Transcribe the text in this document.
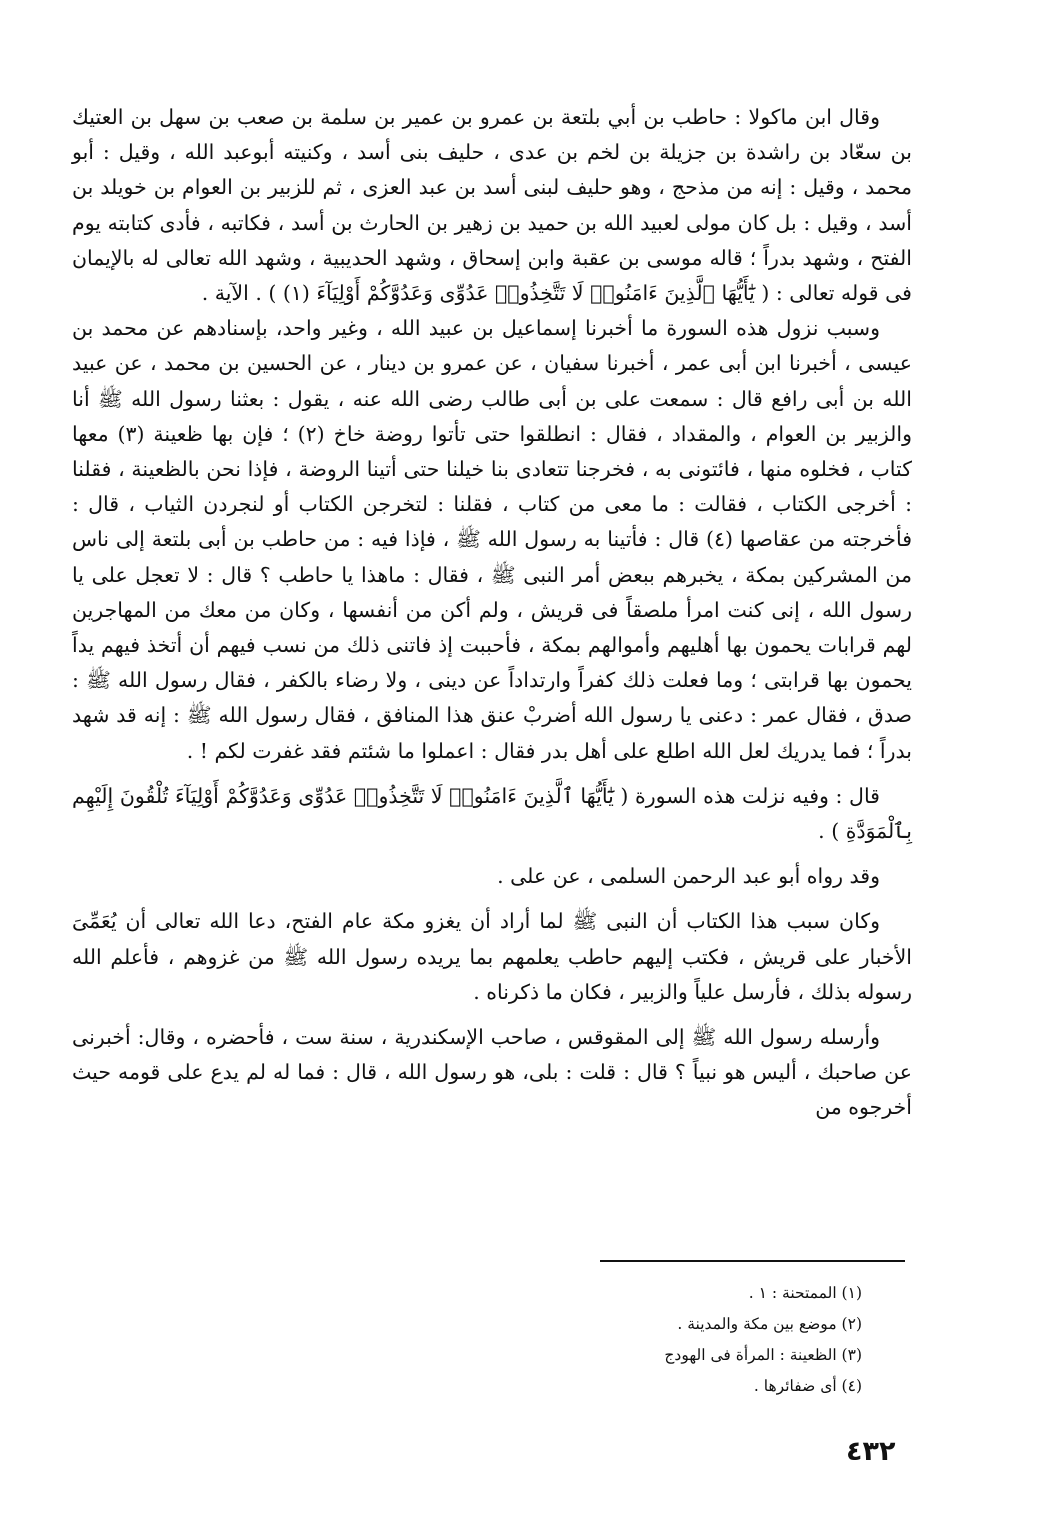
وقال ابن ماكولا : حاطب بن أبي بلتعة بن عمرو بن عمير بن سلمة بن صعب بن سهل بن العتيك بن سعّاد بن راشدة بن جزيلة بن لخم بن عدى ، حليف بنى أسد ، وكنيته أبوعبد الله ، وقيل : أبو محمد ، وقيل : إنه من مذحج ، وهو حليف لبنى أسد بن عبد العزى ، ثم للزبير بن العوام بن خويلد بن أسد ، وقيل : بل كان مولى لعبيد الله بن حميد بن زهير بن الحارث بن أسد ، فكاتبه ، فأدى كتابته يوم الفتح ، وشهد بدراً ؛ قاله موسى بن عقبة وابن إسحاق ، وشهد الحديبية ، وشهد الله تعالى له بالإيمان فى قوله تعالى : ( يَٰٓأَيُّهَا ٱلَّذِينَ ءَامَنُوا۟ لَا تَتَّخِذُوا۟ عَدُوِّى وَعَدُوَّكُمْ أَوْلِيَآءَ (١) ) . الآية .

وسبب نزول هذه السورة ما أخبرنا إسماعيل بن عبيد الله ، وغير واحد، بإسنادهم عن محمد بن عيسى ، أخبرنا ابن أبى عمر ، أخبرنا سفيان ، عن عمرو بن دينار ، عن الحسين بن محمد ، عن عبيد الله بن أبى رافع قال : سمعت على بن أبى طالب رضى الله عنه ، يقول : بعثنا رسول الله ﷺ أنا والزبير بن العوام ، والمقداد ، فقال : انطلقوا حتى تأتوا روضة خاخ (٢) ؛ فإن بها ظعينة (٣) معها كتاب ، فخلوه منها ، فائتونى به ، فخرجنا تتعادى بنا خيلنا حتى أتينا الروضة ، فإذا نحن بالظعينة ، فقلنا : أخرجى الكتاب ، فقالت : ما معى من كتاب ، فقلنا : لتخرجن الكتاب أو لنجردن الثياب ، قال : فأخرجته من عقاصها (٤) قال : فأتينا به رسول الله ﷺ ، فإذا فيه : من حاطب بن أبى بلتعة إلى ناس من المشركين بمكة ، يخبرهم ببعض أمر النبى ﷺ ، فقال : ماهذا يا حاطب ؟ قال : لا تعجل على يا رسول الله ، إنى كنت امرأ ملصقاً فى قريش ، ولم أكن من أنفسها ، وكان من معك من المهاجرين لهم قرابات يحمون بها أهليهم وأموالهم بمكة ، فأحببت إذ فاتنى ذلك من نسب فيهم أن أتخذ فيهم يداً يحمون بها قرابتى ؛ وما فعلت ذلك كفراً وارتداداً عن دينى ، ولا رضاء بالكفر ، فقال رسول الله ﷺ : صدق ، فقال عمر : دعنى يا رسول الله أضربْ عنق هذا المنافق ، فقال رسول الله ﷺ : إنه قد شهد بدراً ؛ فما يدريك لعل الله اطلع على أهل بدر فقال : اعملوا ما شئتم فقد غفرت لكم ! .

قال : وفيه نزلت هذه السورة ( يَٰٓأَيُّهَا ٱلَّذِينَ ءَامَنُوا۟ لَا تَتَّخِذُوا۟ عَدُوِّى وَعَدُوَّكُمْ أَوْلِيَآءَ تُلْقُونَ إِلَيْهِم بِٱلْمَوَدَّةِ ) .

وقد رواه أبو عبد الرحمن السلمى ، عن على .

وكان سبب هذا الكتاب أن النبى ﷺ لما أراد أن يغزو مكة عام الفتح، دعا الله تعالى أن يُعَمِّىَ الأخبار على قريش ، فكتب إليهم حاطب يعلمهم بما يريده رسول الله ﷺ من غزوهم ، فأعلم الله رسوله بذلك ، فأرسل علياً والزبير ، فكان ما ذكرناه .

وأرسله رسول الله ﷺ إلى المقوقس ، صاحب الإسكندرية ، سنة ست ، فأحضره ، وقال: أخبرنى عن صاحبك ، أليس هو نبياً ؟ قال : قلت : بلى، هو رسول الله ، قال : فما له لم يدع على قومه حيث أخرجوه من

(١) الممتحنة : ١ .
(٢) موضع بين مكة والمدينة .
(٣) الظعينة : المرأة فى الهودج
(٤) أى ضفائرها .
٤٣٢
